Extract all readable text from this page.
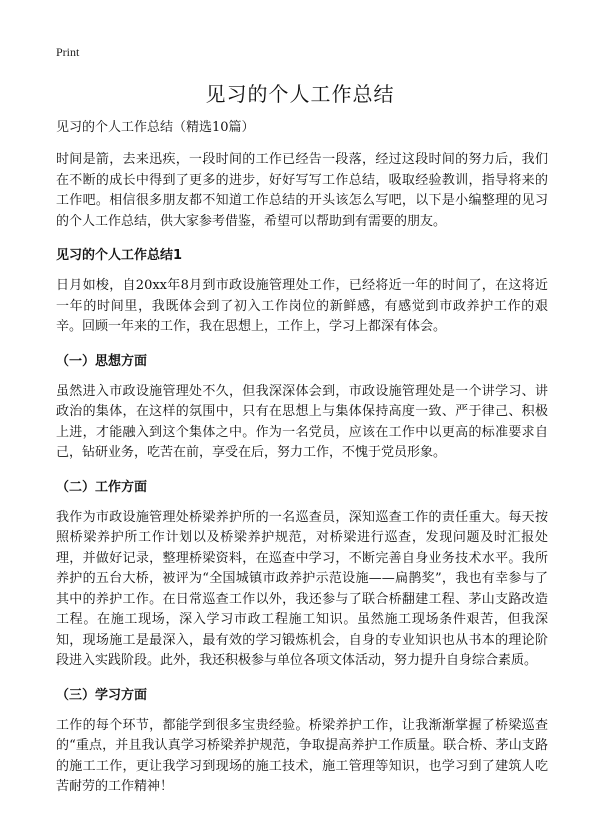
Print
见习的个人工作总结

见习的个人工作总结（精选10篇）

时间是箭，去来迅疾，一段时间的工作已经告一段落，经过这段时间的努力后，我们在不断的成长中得到了更多的进步，好好写写工作总结，吸取经验教训，指导将来的工作吧。相信很多朋友都不知道工作总结的开头该怎么写吧，以下是小编整理的见习的个人工作总结，供大家参考借鉴，希望可以帮助到有需要的朋友。

见习的个人工作总结1

日月如梭，自20xx年8月到市政设施管理处工作，已经将近一年的时间了，在这将近一年的时间里，我既体会到了初入工作岗位的新鲜感，有感觉到市政养护工作的艰辛。回顾一年来的工作，我在思想上，工作上，学习上都深有体会。

（一）思想方面

虽然进入市政设施管理处不久，但我深深体会到，市政设施管理处是一个讲学习、讲政治的集体，在这样的氛围中，只有在思想上与集体保持高度一致、严于律己、积极上进，才能融入到这个集体之中。作为一名党员，应该在工作中以更高的标准要求自己，钻研业务，吃苦在前，享受在后，努力工作，不愧于党员形象。

（二）工作方面

我作为市政设施管理处桥梁养护所的一名巡查员，深知巡查工作的责任重大。每天按照桥梁养护所工作计划以及桥梁养护规范，对桥梁进行巡查，发现问题及时汇报处理，并做好记录，整理桥梁资料，在巡查中学习，不断完善自身业务技术水平。我所养护的五台大桥，被评为“全国城镇市政养护示范设施——扁鹊奖”，我也有幸参与了其中的养护工作。在日常巡查工作以外，我还参与了联合桥翻建工程、茅山支路改造工程。在施工现场，深入学习市政工程施工知识。虽然施工现场条件艰苦，但我深知，现场施工是最深入，最有效的学习锻炼机会，自身的专业知识也从书本的理论阶段进入实践阶段。此外，我还积极参与单位各项文体活动，努力提升自身综合素质。

（三）学习方面

工作的每个环节，都能学到很多宝贵经验。桥梁养护工作，让我渐渐掌握了桥梁巡查的“重点，并且我认真学习桥梁养护规范，争取提高养护工作质量。联合桥、茅山支路的施工工作，更让我学习到现场的施工技术，施工管理等知识，也学习到了建筑人吃苦耐劳的工作精神！
